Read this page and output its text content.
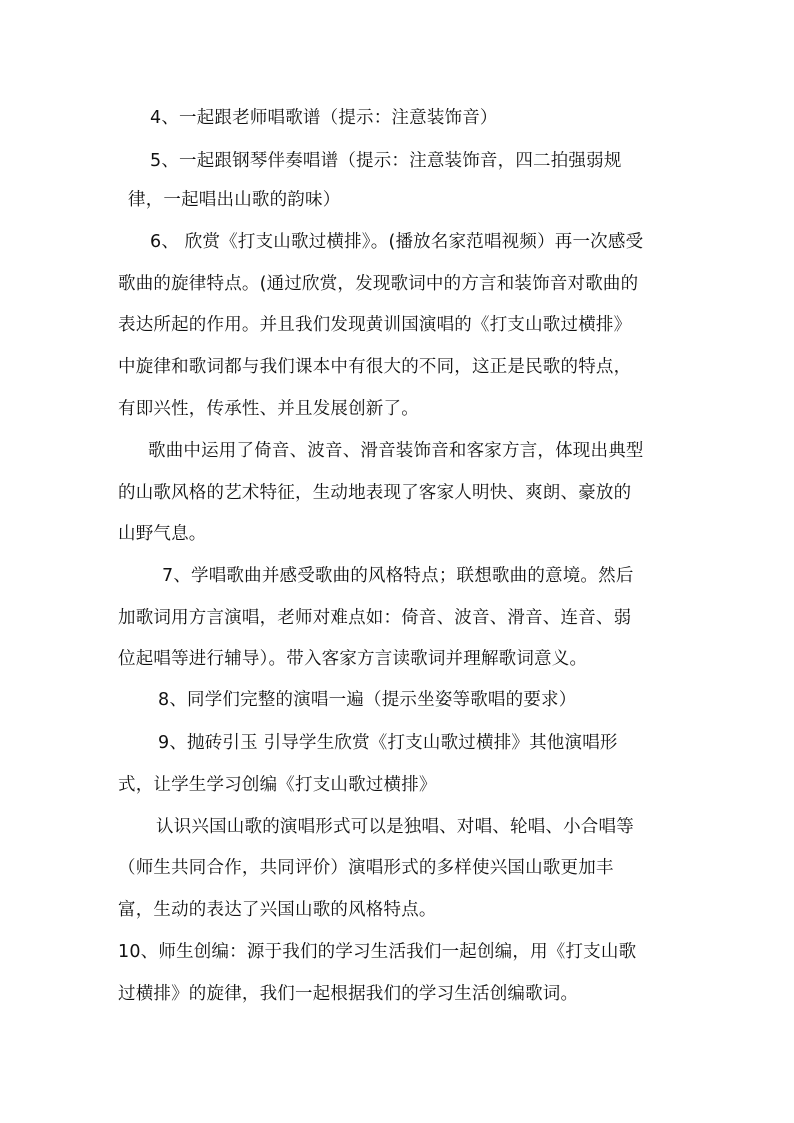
4、一起跟老师唱歌谱（提示：注意装饰音）
5、一起跟钢琴伴奏唱谱（提示：注意装饰音，四二拍强弱规
律，一起唱出山歌的韵味）
6、 欣赏《打支山歌过横排》。(播放名家范唱视频）再一次感受
歌曲的旋律特点。(通过欣赏，发现歌词中的方言和装饰音对歌曲的
表达所起的作用。并且我们发现黄训国演唱的《打支山歌过横排》
中旋律和歌词都与我们课本中有很大的不同，这正是民歌的特点，
有即兴性，传承性、并且发展创新了。
歌曲中运用了倚音、波音、滑音装饰音和客家方言，体现出典型
的山歌风格的艺术特征，生动地表现了客家人明快、爽朗、豪放的
山野气息。
7、学唱歌曲并感受歌曲的风格特点；联想歌曲的意境。然后
加歌词用方言演唱，老师对难点如：倚音、波音、滑音、连音、弱
位起唱等进行辅导）。带入客家方言读歌词并理解歌词意义。
8、同学们完整的演唱一遍（提示坐姿等歌唱的要求）
9、抛砖引玉 引导学生欣赏《打支山歌过横排》其他演唱形
式，让学生学习创编《打支山歌过横排》
认识兴国山歌的演唱形式可以是独唱、对唱、轮唱、小合唱等
（师生共同合作，共同评价）演唱形式的多样使兴国山歌更加丰
富，生动的表达了兴国山歌的风格特点。
10、师生创编：源于我们的学习生活我们一起创编，用《打支山歌
过横排》的旋律，我们一起根据我们的学习生活创编歌词。
